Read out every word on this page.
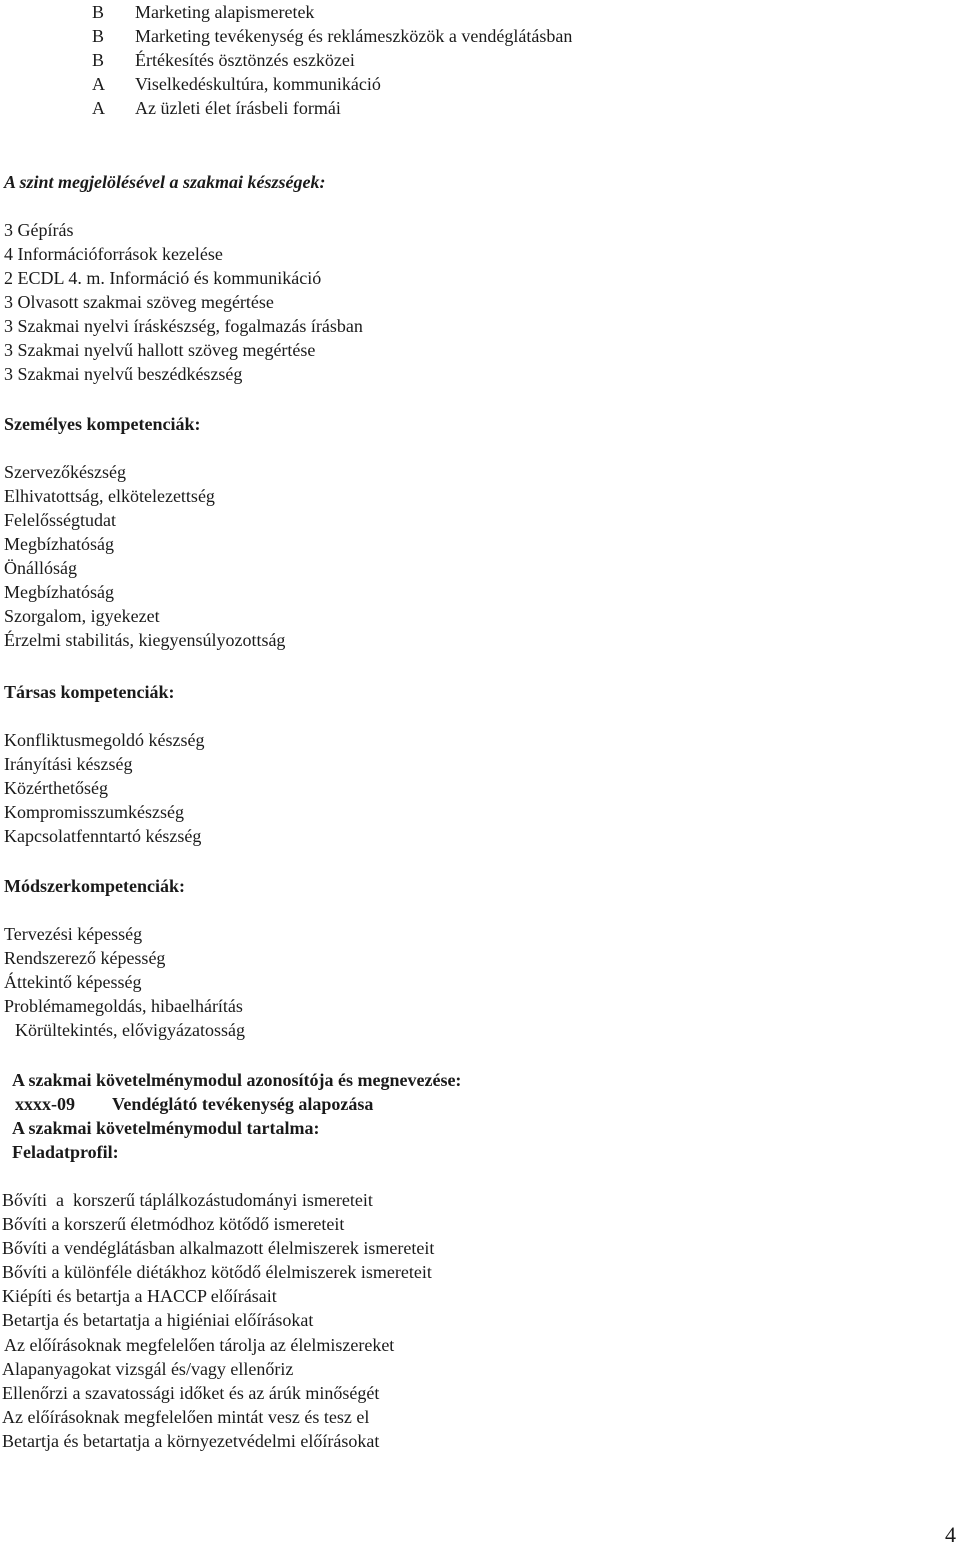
B Marketing alapismeretek
B Marketing tevékenység és reklámeszközök a vendéglátásban
B Értékesítés ösztönzés eszközei
A Viselkedéskultúra, kommunikáció
A Az üzleti élet írásbeli formái
A szint megjelölésével a szakmai készségek:
3 Gépírás
4 Információforrások kezelése
2 ECDL 4. m. Információ és kommunikáció
3 Olvasott szakmai szöveg megértése
3 Szakmai nyelvi íráskészség, fogalmazás írásban
3 Szakmai nyelvű hallott szöveg megértése
3 Szakmai nyelvű beszédkészség
Személyes kompetenciák:
Szervezőkészség
Elhivatottság, elkötelezettség
Felelősségtudat
Megbízhatóság
Önállóság
Megbízhatóság
Szorgalom, igyekezet
Érzelmi stabilitás, kiegyensúlyozottság
Társas kompetenciák:
Konfliktusmegoldó készség
Irányítási készség
Közérthetőség
Kompromisszumkészség
Kapcsolatfenntartó készség
Módszerkompetenciák:
Tervezési képesség
Rendszerező képesség
Áttekintő képesség
Problémamegoldás, hibaelhárítás
Körültekintés, elővigyázatosság
A szakmai követelménymodul azonosítója és megnevezése:
xxxx-09 Vendéglátó tevékenység alapozása
A szakmai követelménymodul tartalma:
Feladatprofil:
Bővíti  a  korszerű táplálkozástudományi ismereteit
Bővíti a korszerű életmódhoz kötődő ismereteit
Bővíti a vendéglátásban alkalmazott élelmiszerek ismereteit
Bővíti a különféle diétákhoz kötődő élelmiszerek ismereteit
Kiépíti és betartja a HACCP előírásait
Betartja és betartatja a higiéniai előírásokat
Az előírásoknak megfelelően tárolja az élelmiszereket
Alapanyagokat vizsgál és/vagy ellenőriz
Ellenőrzi a szavatossági időket és az árúk minőségét
Az előírásoknak megfelelően mintát vesz és tesz el
Betartja és betartatja a környezetvédelmi előírásokat
4
